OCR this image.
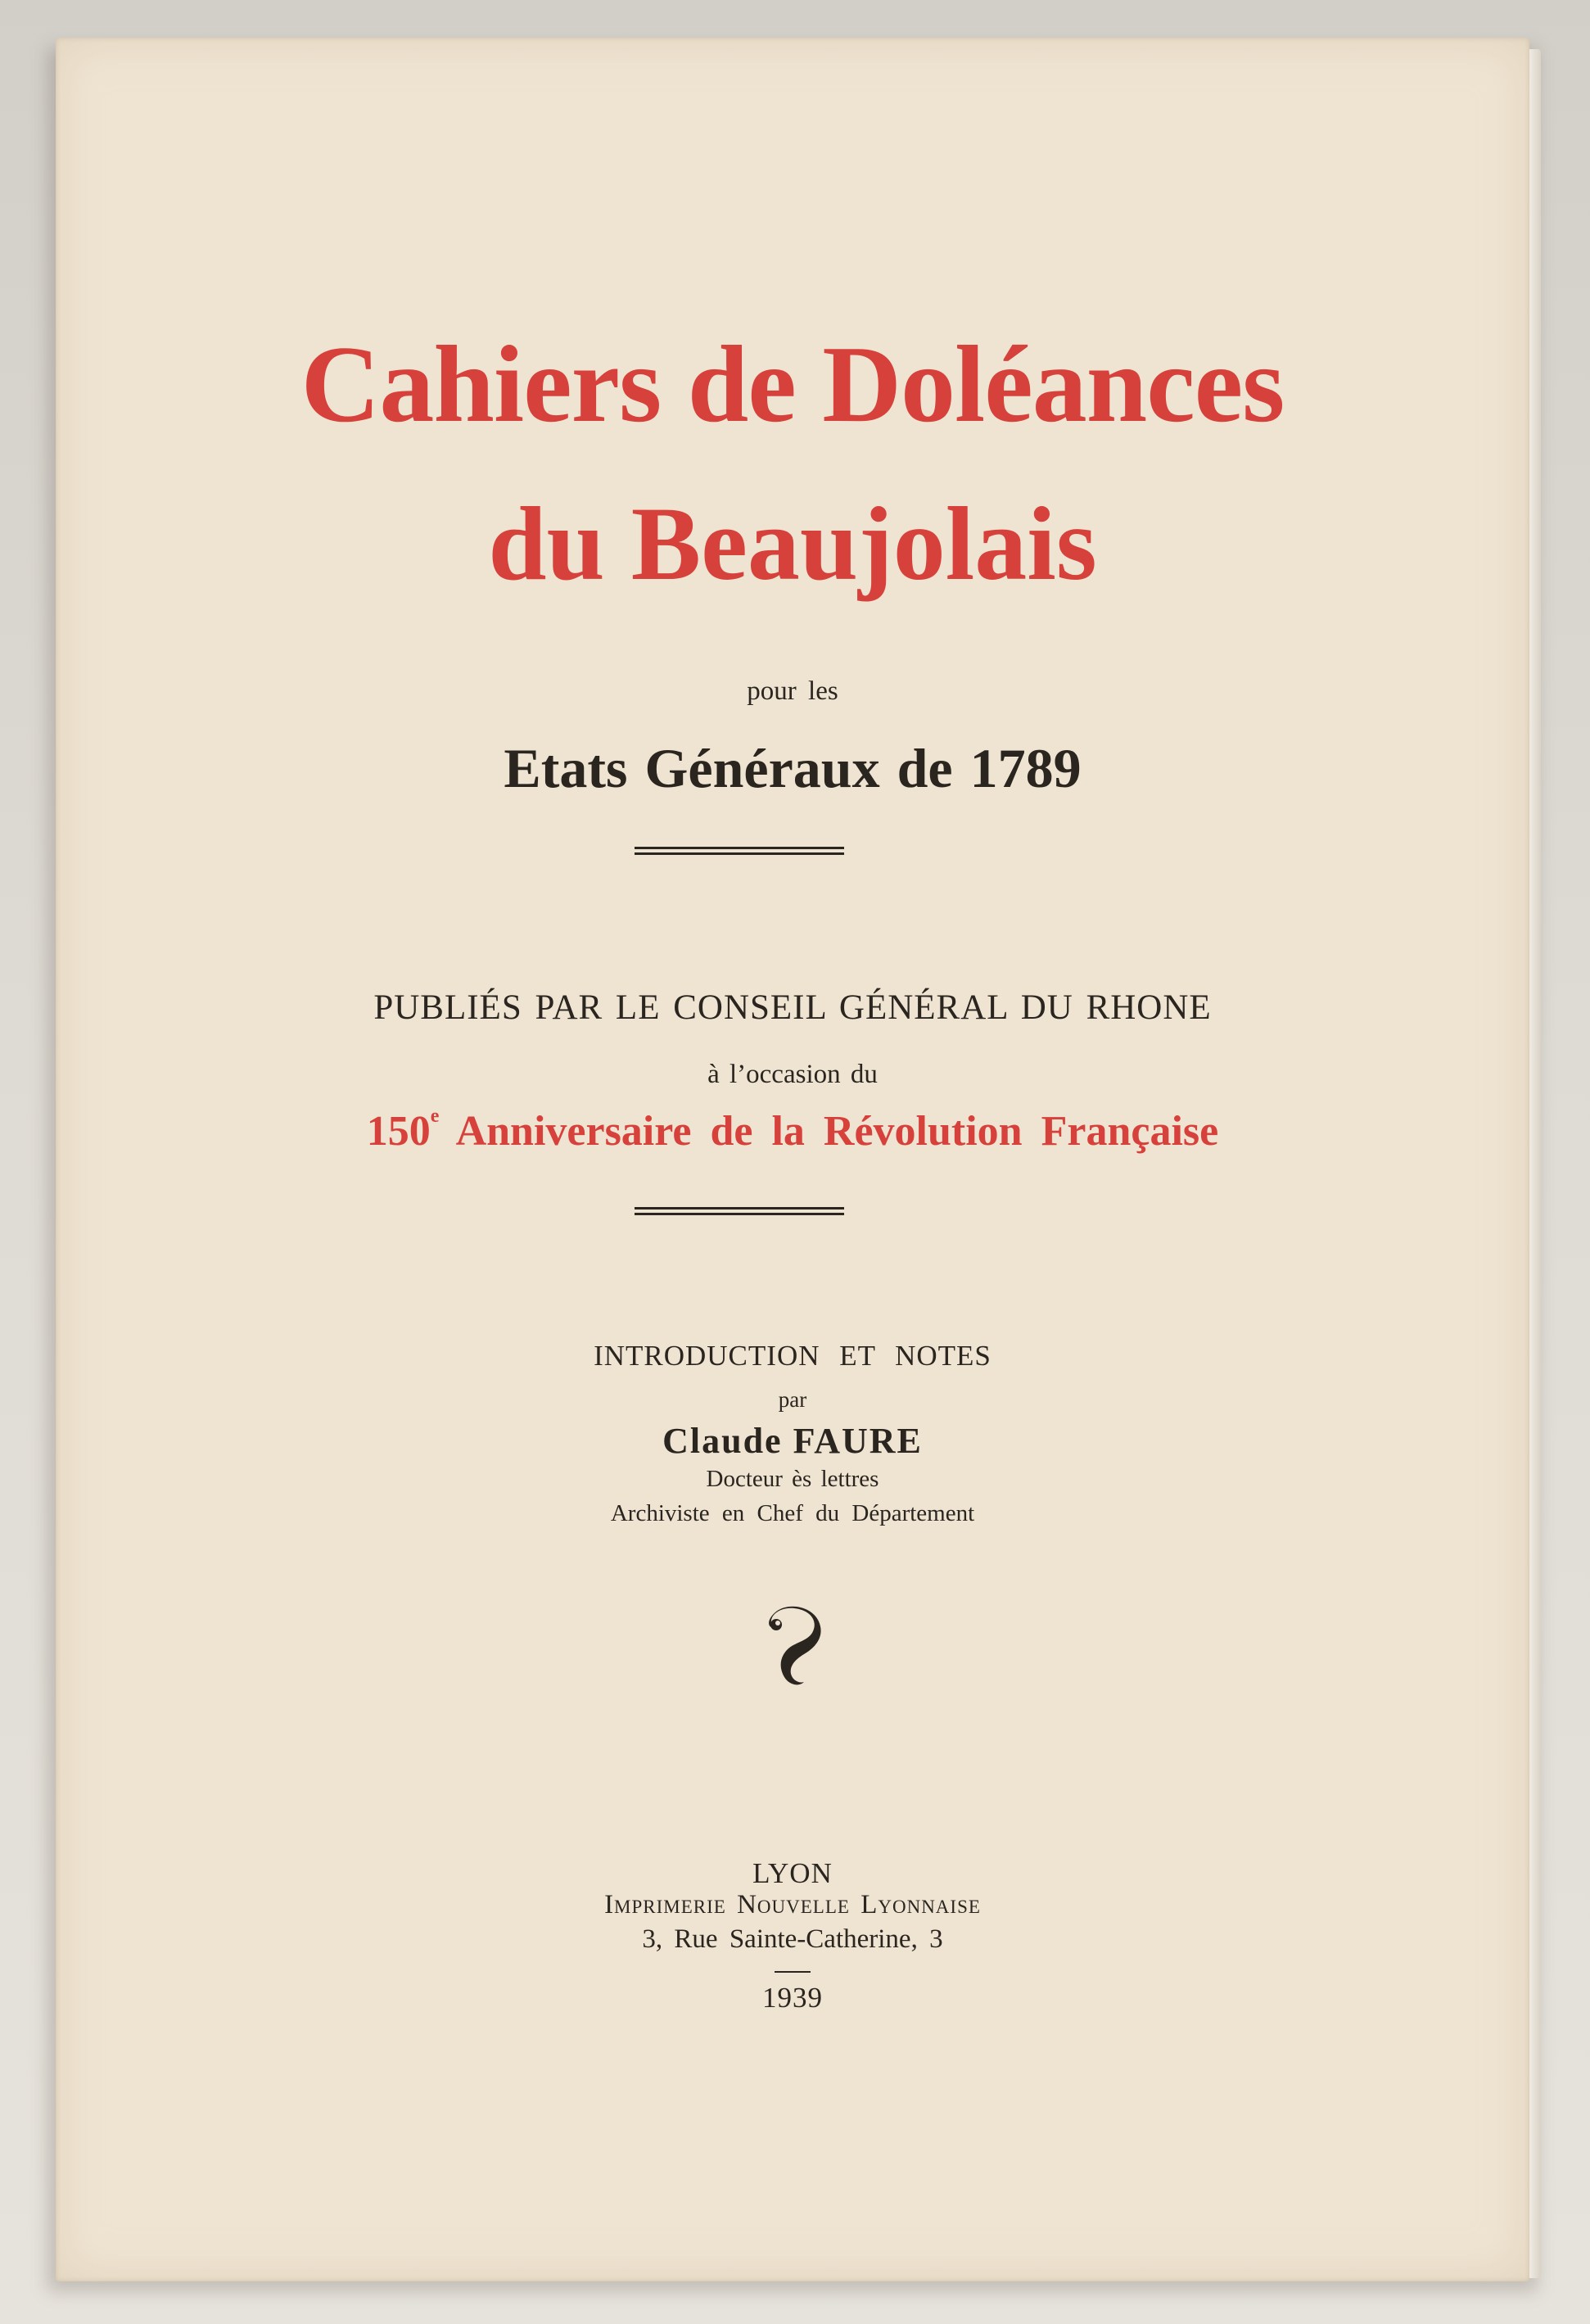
Cahiers de Doléances
du Beaujolais
pour les
Etats Généraux de 1789
PUBLIÉS PAR LE CONSEIL GÉNÉRAL DU RHONE
à l’occasion du
150e Anniversaire de la Révolution Française
INTRODUCTION ET NOTES
par
Claude FAURE
Docteur ès lettres
Archiviste en Chef du Département
LYON
Imprimerie Nouvelle Lyonnaise
3, Rue Sainte-Catherine, 3
1939
